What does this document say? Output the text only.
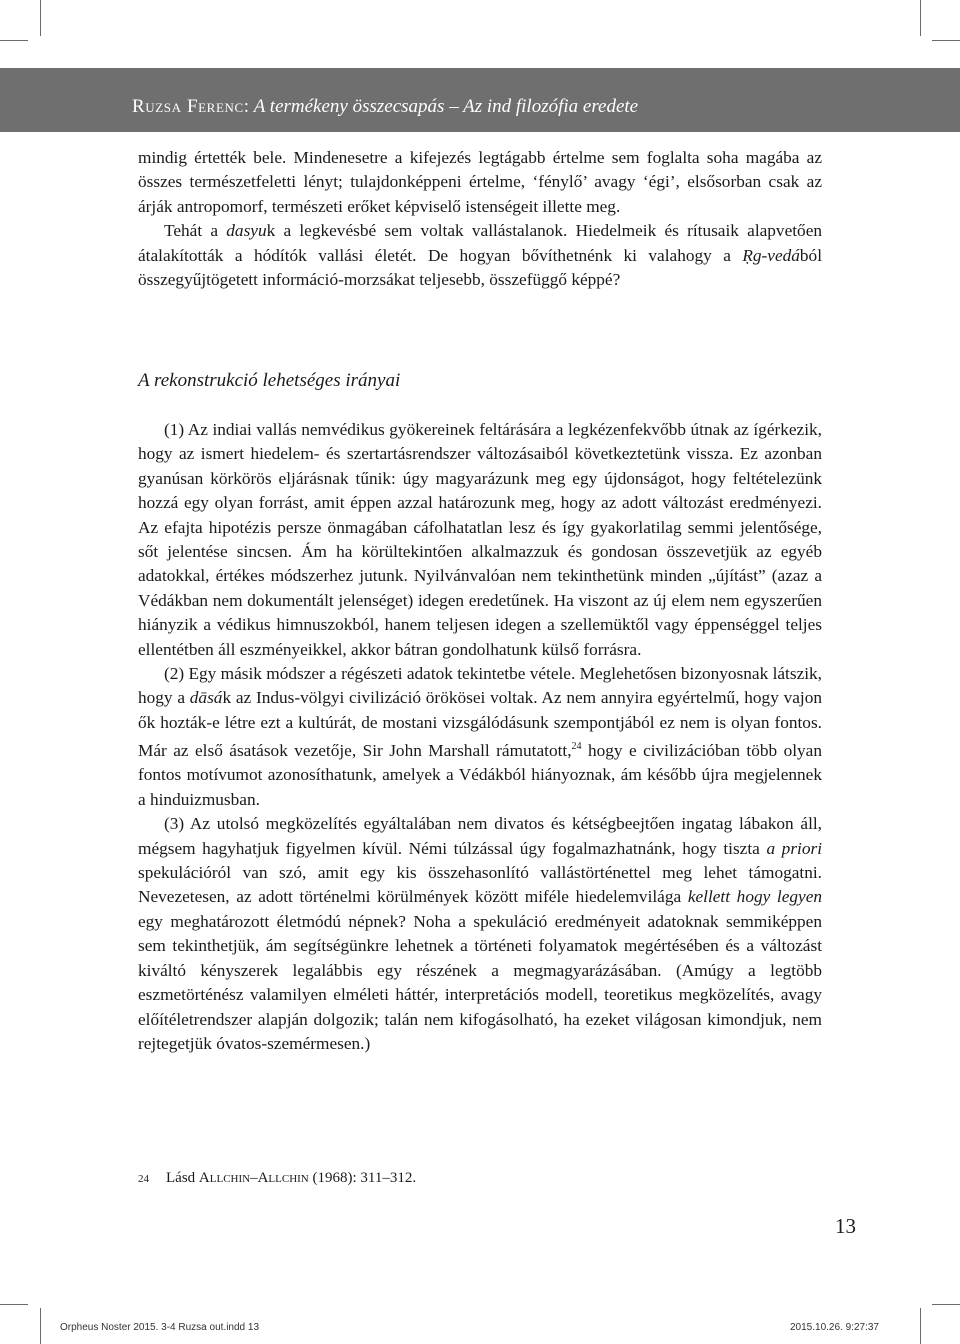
Ruzsa Ferenc: A termékeny összecsapás – Az ind filozófia eredete

mindig értették bele. Mindenesetre a kifejezés legtágabb értelme sem foglalta soha magába az összes természetfeletti lényt; tulajdonképpeni értelme, ‘fénylő’ avagy ‘égi’, elsősorban csak az árják antropomorf, természeti erőket képviselő istenségeit illette meg.

Tehát a dasyuk a legkevésbé sem voltak vallástalanok. Hiedelmeik és rítusaik alapvetően átalakították a hódítók vallási életét. De hogyan bővíthetnénk ki valahogy a Ṛg-vedából összegyűjtögetett információ-morzsákat teljesebb, összefüggő képpé?

A rekonstrukció lehetséges irányai

(1) Az indiai vallás nemvédikus gyökereinek feltárására a legkézenfekvőbb útnak az ígérkezik, hogy az ismert hiedelem- és szertartásrendszer változásaiból következtetünk vissza. Ez azonban gyanúsan körkörös eljárásnak tűnik: úgy magyarázunk meg egy újdonságot, hogy feltételezünk hozzá egy olyan forrást, amit éppen azzal határozunk meg, hogy az adott változást eredményezi. Az efajta hipotézis persze önmagában cáfolhatatlan lesz és így gyakorlatilag semmi jelentősége, sőt jelentése sincsen. Ám ha körültekintően alkalmazzuk és gondosan összevetjük az egyéb adatokkal, értékes módszerhez jutunk. Nyilvánvalóan nem tekinthetünk minden „újítást” (azaz a Védákban nem dokumentált jelenséget) idegen eredetűnek. Ha viszont az új elem nem egyszerűen hiányzik a védikus himnuszokból, hanem teljesen idegen a szellemüktől vagy éppenséggel teljes ellentétben áll eszményeikkel, akkor bátran gondolhatunk külső forrásra.

(2) Egy másik módszer a régészeti adatok tekintetbe vétele. Meglehetősen bizonyosnak látszik, hogy a dāsák az Indus-völgyi civilizáció örökösei voltak. Az nem annyira egyértelmű, hogy vajon ők hozták-e létre ezt a kultúrát, de mostani vizsgálódásunk szempontjából ez nem is olyan fontos. Már az első ásatások vezetője, Sir John Marshall rámutatott,$^{24}$ hogy e civilizációban több olyan fontos motívumot azonosíthatunk, amelyek a Védákból hiányoznak, ám később újra megjelennek a hinduizmusban.

(3) Az utolsó megközelítés egyáltalában nem divatos és kétségbeejtően ingatag lábakon áll, mégsem hagyhatjuk figyelmen kívül. Némi túlzással úgy fogalmazhatnánk, hogy tiszta a priori spekulációról van szó, amit egy kis összehasonlító vallástörténettel meg lehet támogatni. Nevezetesen, az adott történelmi körülmények között miféle hiedelemvilága kellett hogy legyen egy meghatározott életmódú népnek? Noha a spekuláció eredményeit adatoknak semmiképpen sem tekinthetjük, ám segítségünkre lehetnek a történeti folyamatok megértésében és a változást kiváltó kényszerek legalábbis egy részének a megmagyarázásában. (Amúgy a legtöbb eszmetörténész valamilyen elméleti háttér, interpretációs modell, teoretikus megközelítés, avagy előítéletrendszer alapján dolgozik; talán nem kifogásolható, ha ezeket világosan kimondjuk, nem rejtegetjük óvatos-szemérmesen.)

24 Lásd Allchin–Allchin (1968): 311–312.
13
Orpheus Noster 2015. 3-4 Ruzsa out.indd 13	2015.10.26. 9:27:37
